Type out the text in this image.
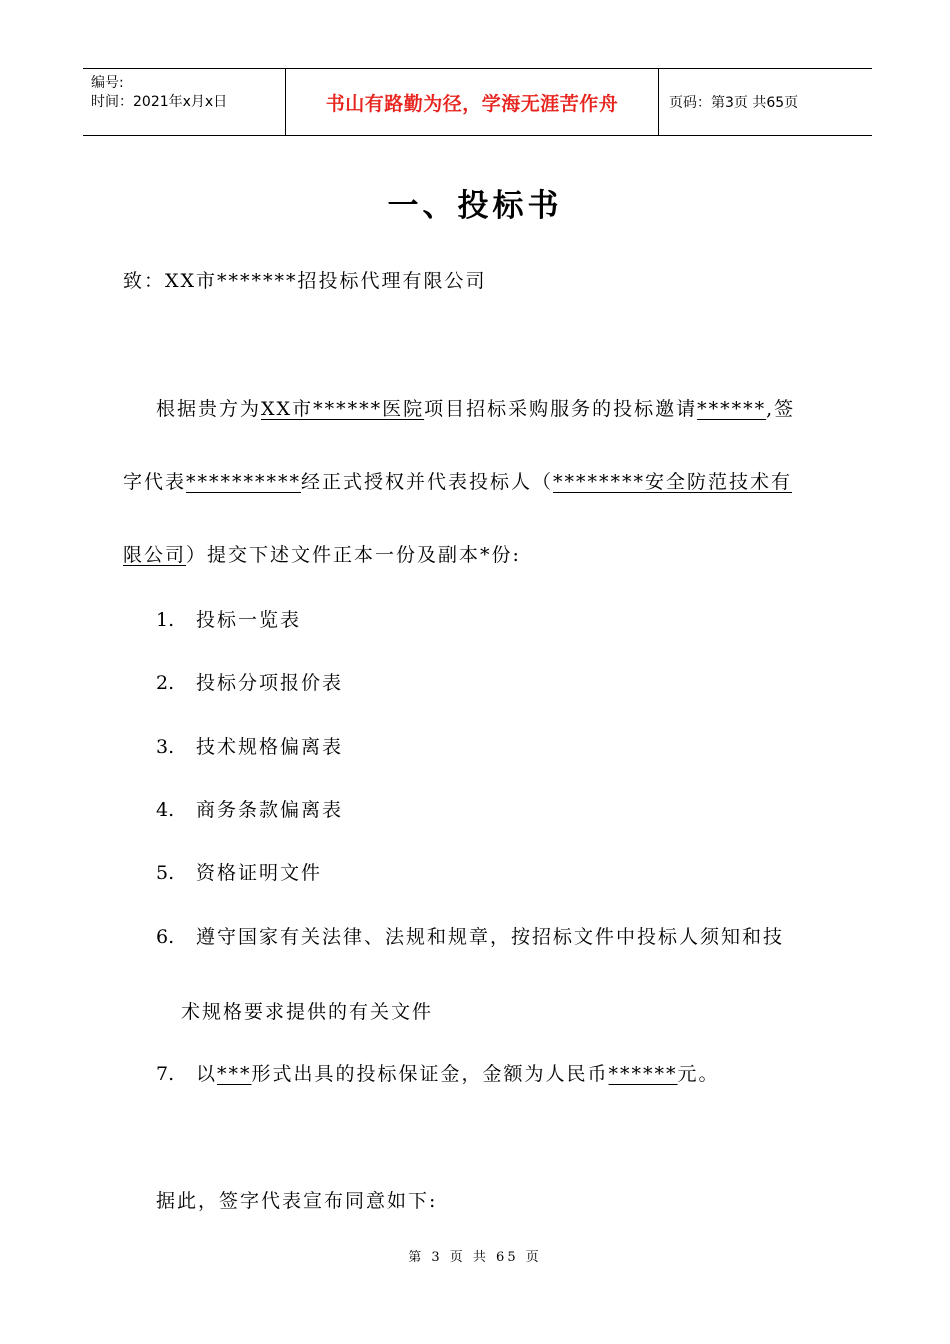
编号:
时间：2021年x月x日	书山有路勤为径，学海无涯苦作舟	页码：第3页 共65页
一、投标书
致：XX市*******招投标代理有限公司
根据贵方为XX市******医院项目招标采购服务的投标邀请******,签
字代表**********经正式授权并代表投标人（********安全防范技术有
限公司）提交下述文件正本一份及副本*份:
1. 投标一览表
2. 投标分项报价表
3. 技术规格偏离表
4. 商务条款偏离表
5. 资格证明文件
6. 遵守国家有关法律、法规和规章，按招标文件中投标人须知和技
术规格要求提供的有关文件
7. 以***形式出具的投标保证金，金额为人民币******元。
据此，签字代表宣布同意如下:
第 3 页 共 65 页
